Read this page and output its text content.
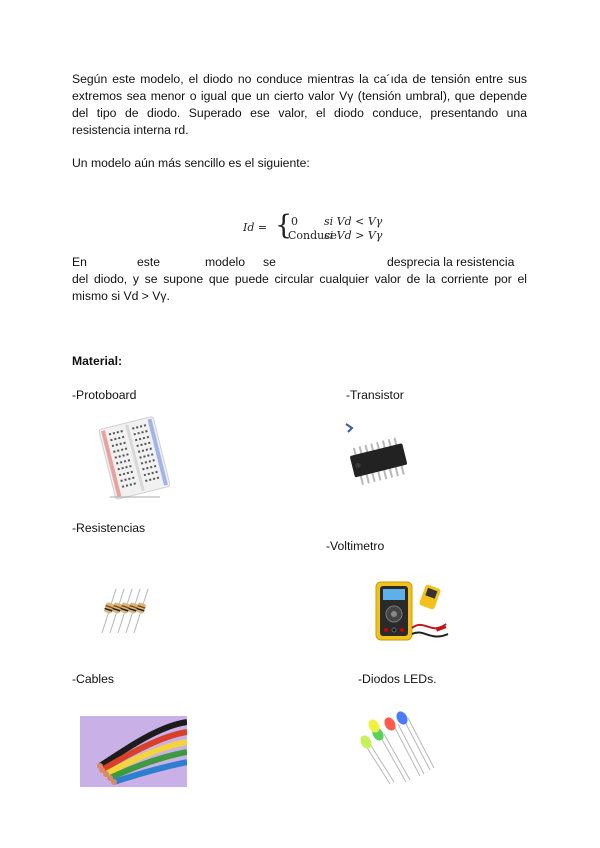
Según este modelo, el diodo no conduce mientras la ca´ıda de tensión entre sus
extremos sea menor o igual que un cierto valor Vγ (tensión umbral), que depende
del tipo de diodo. Superado ese valor, el diodo conduce, presentando una
resistencia interna rd.
Un modelo aún más sencillo es el siguiente:
Id = {
0 si Vd < Vγ
Conduce
si Vd > Vγ
En	este	modelo se	desprecia la resistencia
del diodo, y se supone que puede circular cualquier valor de la corriente por el
mismo si Vd > Vγ.
Material:
-Protoboard	-Transistor
-Resistencias
-Voltimetro
-Cables	-Diodos LEDs.
